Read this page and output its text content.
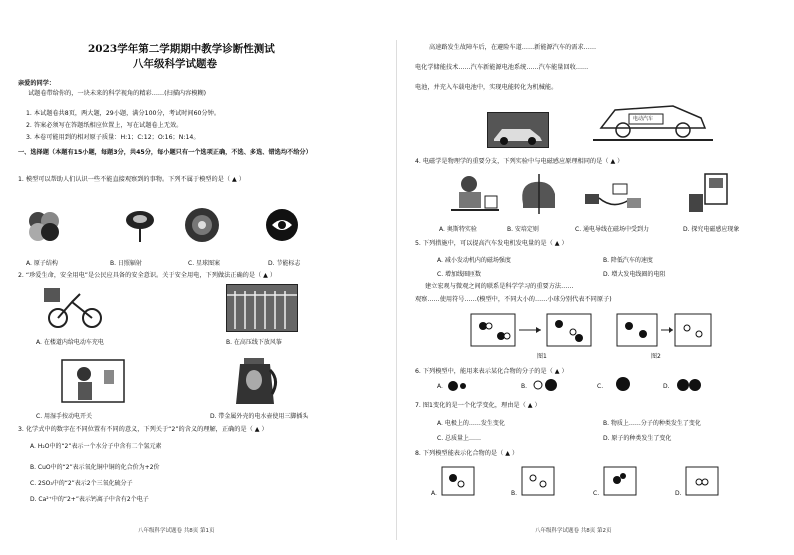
2023学年第二学期期中教学诊断性测试
八年级科学试题卷
亲爱的同学：
试题卷带给你的，一块未来的科学视角的精彩……(扫描内容模糊)
1. 本试题卷共8页，两大题，29小题，满分100分，考试时间60分钟。
2. 答案必须写在答题纸相应位置上，写在试题卷上无效。
3. 本卷可能用到的相对原子质量：H:1；C:12；O:16；N:14。
一、选择题（本题有15小题，每题3分，共45分，每小题只有一个选项正确，不选、多选、错选均不给分）
1. 模型可以帮助人们认识一些不能直接观察到的事物。下列不属于模型的是（ ▲ ）
A. 原子结构	B. 日照辐射	C. 星球图案	D. 节能标志
2. “珍爱生命，安全用电”是公民应具备的安全意识。关于安全用电，下列做法正确的是（ ▲ ）
A. 在楼道内给电动车充电	B. 在高压线下放风筝
C. 用湿手按动电开关	D. 带金属外壳的电水壶使用三脚插头
3. 化学式中的数字在不同位置有不同的意义，下列关于“2”的含义的理解，正确的是（ ▲ ）
A. H₂O中的“2”表示一个水分子中含有二个氢元素
B. CuO中的“2”表示氧化铜中铜的化合价为+2价
C. 2SO₃中的“2”表示2个三氧化硫分子
D. Ca²⁺中的“2+”表示钙离子中含有2个电子
八年级科学试题卷 共8页 第1页
高速路发生故障车后，在避险车道……新能源汽车的需求……
电化学储能技术……汽车新能源电池系统……汽车能量回收……
电池，并充入车载电池中，实现电能转化为机械能。
电动汽车
4. 电磁学是物理学的重要分支，下列实验中与电磁感应原理相同的是（ ▲ ）
A. 奥斯特实验	B. 安培定则	C. 通电导线在磁场中受到力	D. 探究电磁感应现象
5. 下列措施中，可以提高汽车发电机发电量的是（ ▲ ）
A. 减小发动机内的磁场强度	B. 降低汽车的速度
C. 增加线圈匝数	D. 增大发电线圈的电阻
建立宏观与微观之间的联系是科学学习的重要方法……
观察……使用符号……(模型中，不同大小的……小球分别代表不同原子)
图1	图2
6. 下列模型中，能用来表示某化合物的分子的是（ ▲ ）
A.	B.	C.	D.
7. 图1变化的是一个化学变化，理由是（ ▲ ）
A. 电极上的……发生变化	B. 物质上……分子的种类发生了变化
C. 总质量上……	D. 原子的种类发生了变化
8. 下列模型能表示化合物的是（ ▲ ）
A.	B.	C.	D.
八年级科学试题卷 共8页 第2页
